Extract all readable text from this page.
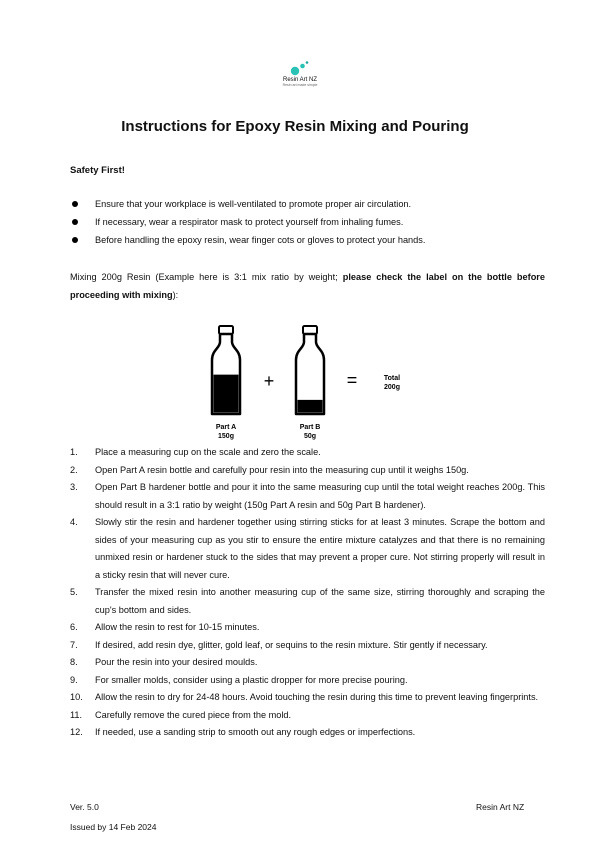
Resin Art NZ
Resin art made simple
Instructions for Epoxy Resin Mixing and Pouring
Safety First!
Ensure that your workplace is well-ventilated to promote proper air circulation.
If necessary, wear a respirator mask to protect yourself from inhaling fumes.
Before handling the epoxy resin, wear finger cots or gloves to protect your hands.
Mixing 200g Resin (Example here is 3:1 mix ratio by weight; please check the label on the bottle before proceeding with mixing):
+	=	Total
200g
Part A
150g
Part B
50g
1. Place a measuring cup on the scale and zero the scale.
2. Open Part A resin bottle and carefully pour resin into the measuring cup until it weighs 150g.
3. Open Part B hardener bottle and pour it into the same measuring cup until the total weight reaches 200g. This should result in a 3:1 ratio by weight (150g Part A resin and 50g Part B hardener).
4. Slowly stir the resin and hardener together using stirring sticks for at least 3 minutes. Scrape the bottom and sides of your measuring cup as you stir to ensure the entire mixture catalyzes and that there is no remaining unmixed resin or hardener stuck to the sides that may prevent a proper cure. Not stirring properly will result in a sticky resin that will never cure.
5. Transfer the mixed resin into another measuring cup of the same size, stirring thoroughly and scraping the cup's bottom and sides.
6. Allow the resin to rest for 10-15 minutes.
7. If desired, add resin dye, glitter, gold leaf, or sequins to the resin mixture. Stir gently if necessary.
8. Pour the resin into your desired moulds.
9. For smaller molds, consider using a plastic dropper for more precise pouring.
10. Allow the resin to dry for 24-48 hours. Avoid touching the resin during this time to prevent leaving fingerprints.
11. Carefully remove the cured piece from the mold.
12. If needed, use a sanding strip to smooth out any rough edges or imperfections.
Ver. 5.0
Issued by 14 Feb 2024
Resin Art NZ
